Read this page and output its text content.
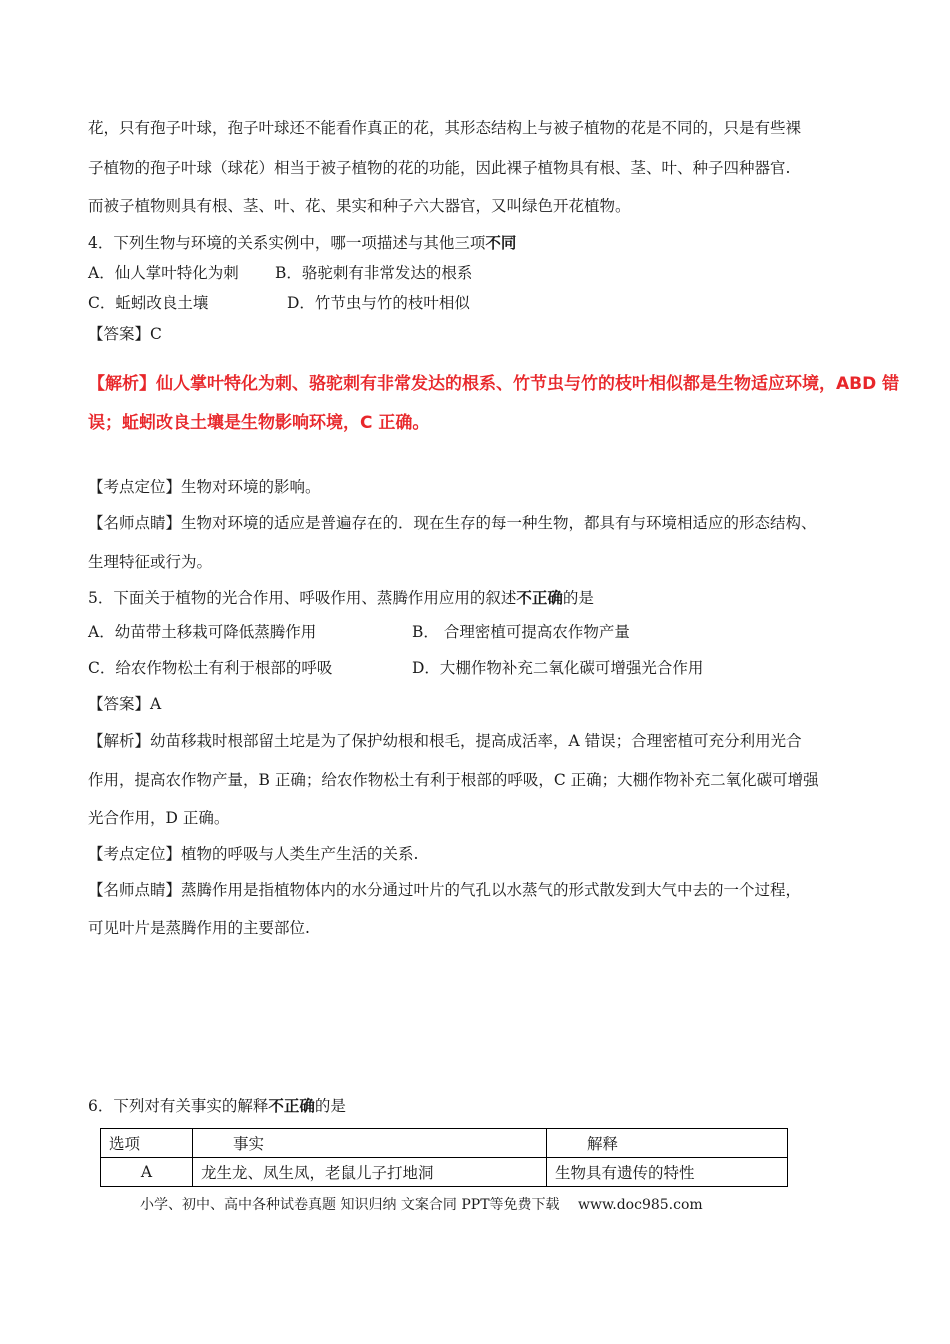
花，只有孢子叶球，孢子叶球还不能看作真正的花，其形态结构上与被子植物的花是不同的，只是有些裸
子植物的孢子叶球（球花）相当于被子植物的花的功能，因此裸子植物具有根、茎、叶、种子四种器官.
而被子植物则具有根、茎、叶、花、果实和种子六大器官，又叫绿色开花植物。
4．下列生物与环境的关系实例中，哪一项描述与其他三项不同
A．仙人掌叶特化为刺 B．骆驼刺有非常发达的根系
C．蚯蚓改良土壤	D．竹节虫与竹的枝叶相似
【答案】C
【解析】仙人掌叶特化为刺、骆驼刺有非常发达的根系、竹节虫与竹的枝叶相似都是生物适应环境，ABD 错
误；蚯蚓改良土壤是生物影响环境，C 正确。
【考点定位】生物对环境的影响。
【名师点睛】生物对环境的适应是普遍存在的．现在生存的每一种生物，都具有与环境相适应的形态结构、
生理特征或行为。
5．下面关于植物的光合作用、呼吸作用、蒸腾作用应用的叙述不正确的是
A．幼苗带土移栽可降低蒸腾作用	B． 合理密植可提高农作物产量
C．给农作物松土有利于根部的呼吸	D．大棚作物补充二氧化碳可增强光合作用
【答案】A
【解析】幼苗移栽时根部留土坨是为了保护幼根和根毛，提高成活率，A 错误；合理密植可充分利用光合
作用，提高农作物产量，B 正确；给农作物松土有利于根部的呼吸，C 正确；大棚作物补充二氧化碳可增强
光合作用，D 正确。
【考点定位】植物的呼吸与人类生产生活的关系.
【名师点睛】蒸腾作用是指植物体内的水分通过叶片的气孔以水蒸气的形式散发到大气中去的一个过程，
可见叶片是蒸腾作用的主要部位.
6．下列对有关事实的解释不正确的是
选项	事实	解释
A	龙生龙、凤生凤，老鼠儿子打地洞	生物具有遗传的特性
小学、初中、高中各种试卷真题 知识归纳 文案合同 PPT等免费下载　 www.doc985.com
